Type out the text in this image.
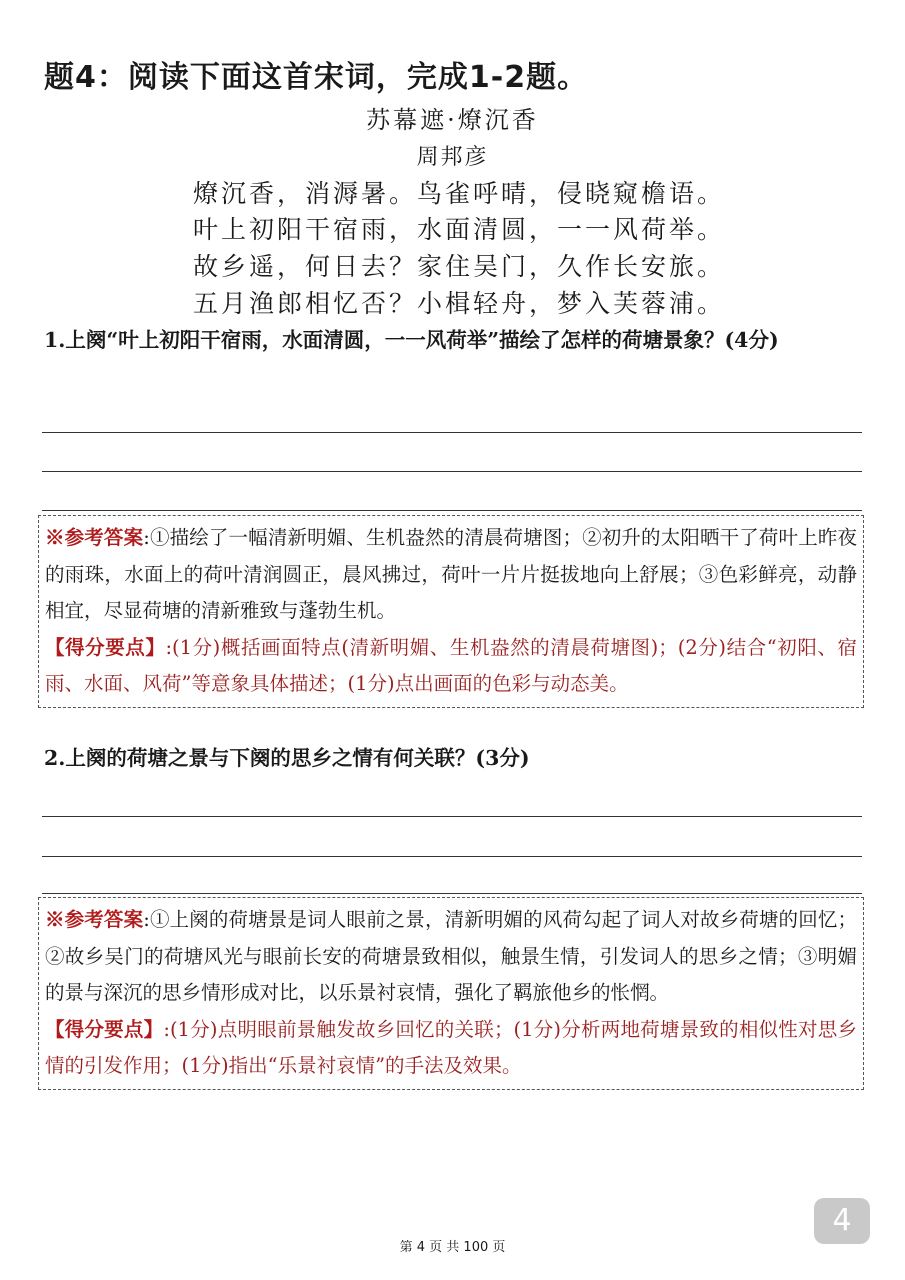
题4：阅读下面这首宋词，完成1-2题。
苏幕遮·燎沉香
周邦彦
燎沉香，消溽暑。鸟雀呼晴，侵晓窥檐语。
叶上初阳干宿雨，水面清圆，一一风荷举。
故乡遥，何日去？家住吴门，久作长安旅。
五月渔郎相忆否？小楫轻舟，梦入芙蓉浦。
1.上阕“叶上初阳干宿雨，水面清圆，一一风荷举”描绘了怎样的荷塘景象？(4分)
※参考答案:①描绘了一幅清新明媚、生机盎然的清晨荷塘图；②初升的太阳晒干了荷叶上昨夜的雨珠，水面上的荷叶清润圆正，晨风拂过，荷叶一片片挺拔地向上舒展；③色彩鲜亮，动静相宜，尽显荷塘的清新雅致与蓬勃生机。
【得分要点】:(1分)概括画面特点(清新明媚、生机盎然的清晨荷塘图)；(2分)结合“初阳、宿雨、水面、风荷”等意象具体描述；(1分)点出画面的色彩与动态美。
2.上阕的荷塘之景与下阕的思乡之情有何关联？(3分)
※参考答案:①上阕的荷塘景是词人眼前之景，清新明媚的风荷勾起了词人对故乡荷塘的回忆；②故乡吴门的荷塘风光与眼前长安的荷塘景致相似，触景生情，引发词人的思乡之情；③明媚的景与深沉的思乡情形成对比，以乐景衬哀情，强化了羁旅他乡的怅惘。
【得分要点】:(1分)点明眼前景触发故乡回忆的关联；(1分)分析两地荷塘景致的相似性对思乡情的引发作用；(1分)指出“乐景衬哀情”的手法及效果。
4
第 4 页 共 100 页
